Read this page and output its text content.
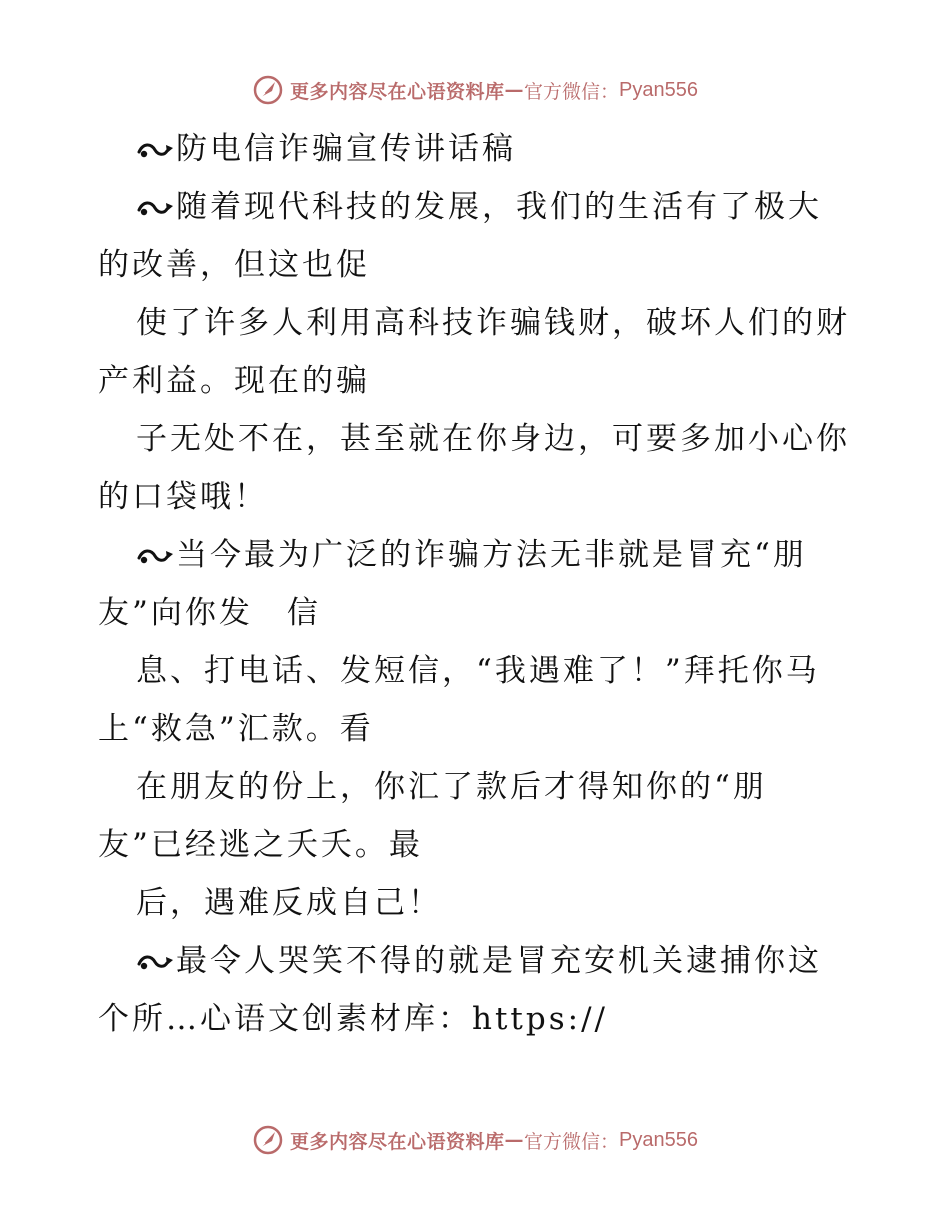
更多内容尽在心语资料库 — 官方微信： Pyan556
防电信诈骗宣传讲话稿
随着现代科技的发展，我们的生活有了极大
的改善，但这也促
使了许多人利用高科技诈骗钱财，破坏人们的财
产利益。现在的骗
子无处不在，甚至就在你身边，可要多加小心你
的口袋哦！
当今最为广泛的诈骗方法无非就是冒充“朋
友”向你发　信
息、打电话、发短信，“我遇难了！”拜托你马
上“救急”汇款。看
在朋友的份上，你汇了款后才得知你的“朋
友”已经逃之夭夭。最
后，遇难反成自己！
最令人哭笑不得的就是冒充安机关逮捕你这
个所…心语文创素材库：https://
更多内容尽在心语资料库 — 官方微信： Pyan556
